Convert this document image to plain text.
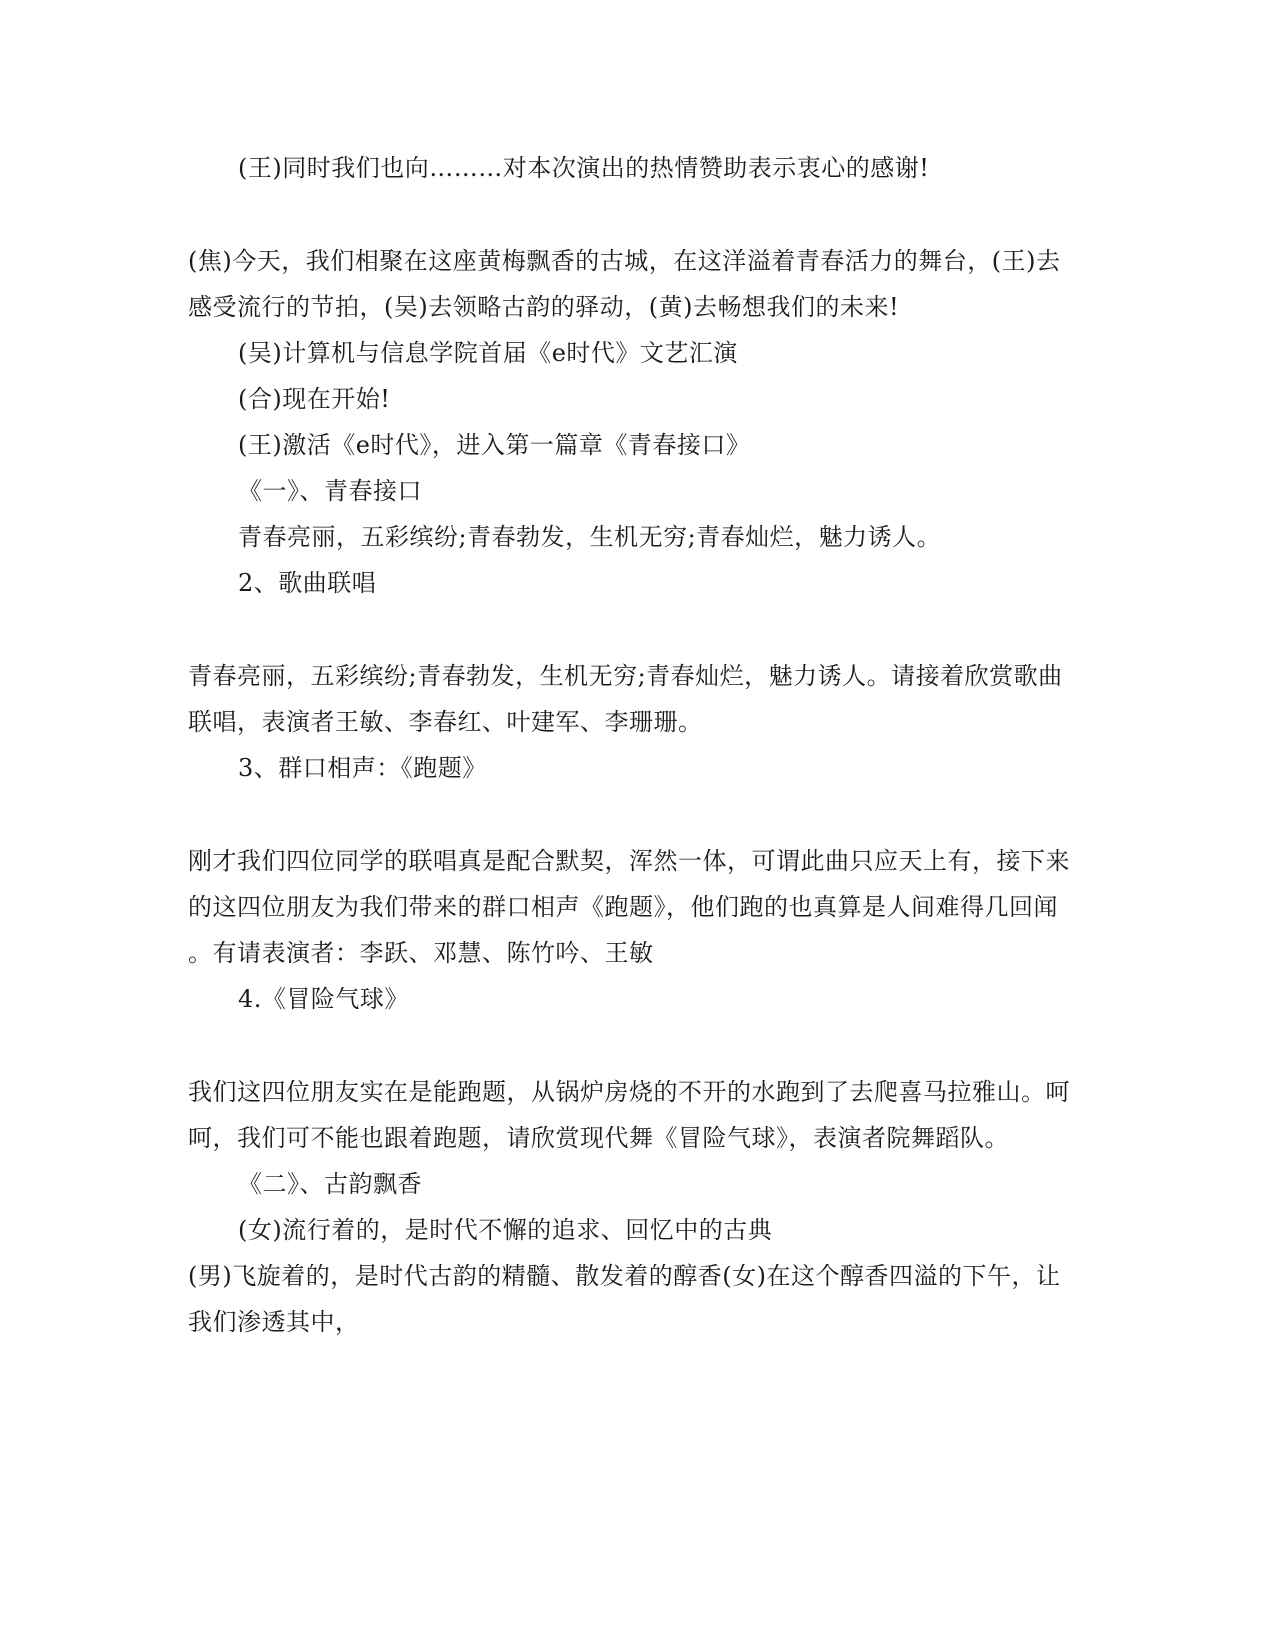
(王)同时我们也向………对本次演出的热情赞助表示衷心的感谢!
(焦)今天，我们相聚在这座黄梅飘香的古城，在这洋溢着青春活力的舞台，(王)去
感受流行的节拍，(吴)去领略古韵的驿动，(黄)去畅想我们的未来!
(吴)计算机与信息学院首届《e时代》文艺汇演
(合)现在开始!
(王)激活《e时代》，进入第一篇章《青春接口》
《一》、青春接口
青春亮丽，五彩缤纷;青春勃发，生机无穷;青春灿烂，魅力诱人。
2、歌曲联唱
青春亮丽，五彩缤纷;青春勃发，生机无穷;青春灿烂，魅力诱人。请接着欣赏歌曲
联唱，表演者王敏、李春红、叶建军、李珊珊。
3、群口相声：《跑题》
刚才我们四位同学的联唱真是配合默契，浑然一体，可谓此曲只应天上有，接下来
的这四位朋友为我们带来的群口相声《跑题》，他们跑的也真算是人间难得几回闻
。有请表演者：李跃、邓慧、陈竹吟、王敏
4.《冒险气球》
我们这四位朋友实在是能跑题，从锅炉房烧的不开的水跑到了去爬喜马拉雅山。呵
呵，我们可不能也跟着跑题，请欣赏现代舞《冒险气球》，表演者院舞蹈队。
《二》、古韵飘香
(女)流行着的，是时代不懈的追求、回忆中的古典
(男)飞旋着的，是时代古韵的精髓、散发着的醇香(女)在这个醇香四溢的下午，让
我们渗透其中，
